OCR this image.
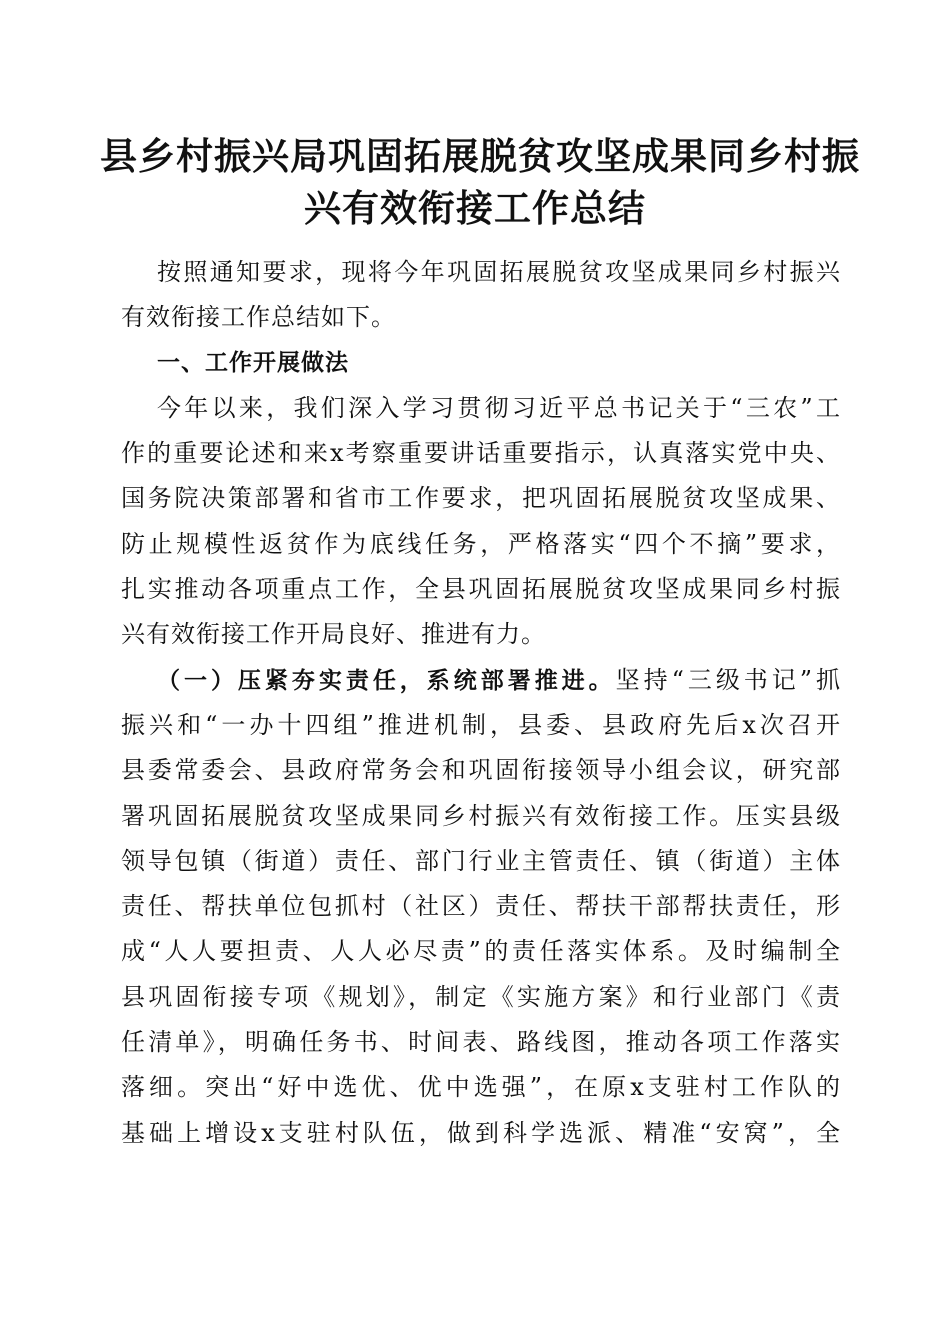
县乡村振兴局巩固拓展脱贫攻坚成果同乡村振
兴有效衔接工作总结
按照通知要求，现将今年巩固拓展脱贫攻坚成果同乡村振兴
有效衔接工作总结如下。
一、工作开展做法
今年以来，我们深入学习贯彻习近平总书记关于“三农”工
作的重要论述和来x考察重要讲话重要指示，认真落实党中央、
国务院决策部署和省市工作要求，把巩固拓展脱贫攻坚成果、
防止规模性返贫作为底线任务，严格落实“四个不摘”要求，
扎实推动各项重点工作，全县巩固拓展脱贫攻坚成果同乡村振
兴有效衔接工作开局良好、推进有力。
（一）压紧夯实责任，系统部署推进。坚持“三级书记”抓
振兴和“一办十四组”推进机制，县委、县政府先后x次召开
县委常委会、县政府常务会和巩固衔接领导小组会议，研究部
署巩固拓展脱贫攻坚成果同乡村振兴有效衔接工作。压实县级
领导包镇（街道）责任、部门行业主管责任、镇（街道）主体
责任、帮扶单位包抓村（社区）责任、帮扶干部帮扶责任，形
成“人人要担责、人人必尽责”的责任落实体系。及时编制全
县巩固衔接专项《规划》，制定《实施方案》和行业部门《责
任清单》，明确任务书、时间表、路线图，推动各项工作落实
落细。突出“好中选优、优中选强”，在原x支驻村工作队的
基础上增设x支驻村队伍，做到科学选派、精准“安窝”，全
